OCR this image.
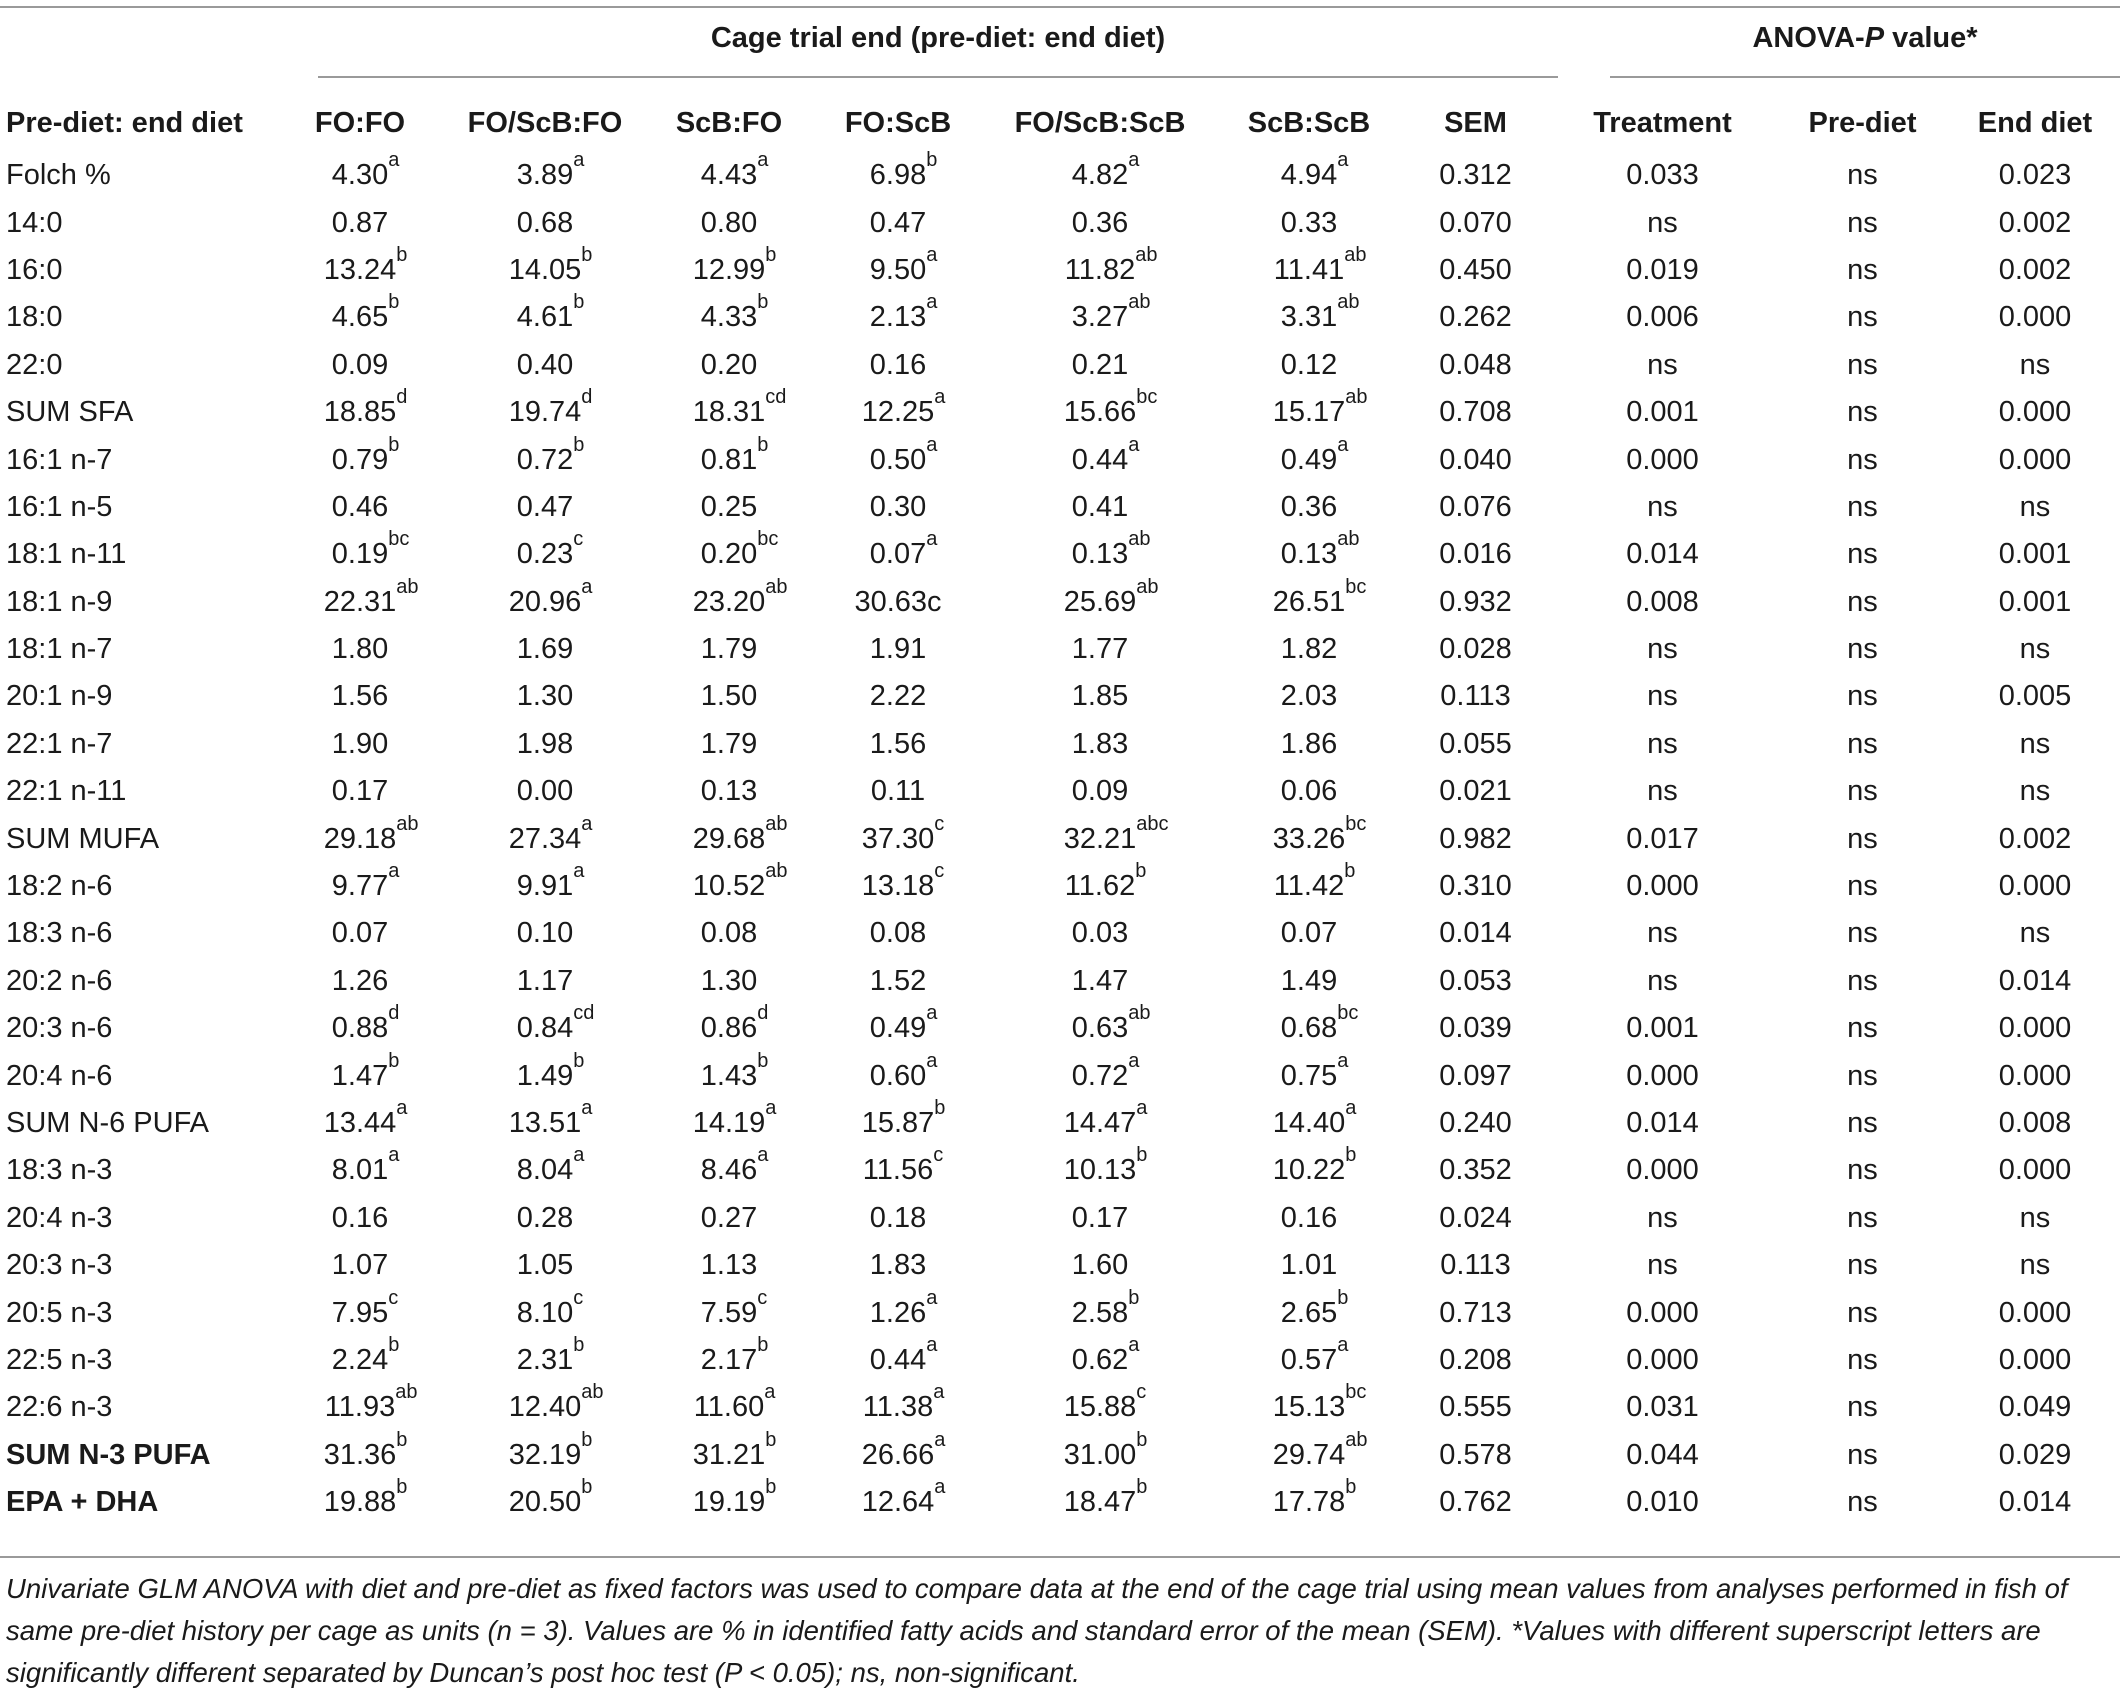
Cage trial end (pre-diet: end diet)	ANOVA-P value*
Pre-diet: end diet	FO:FO	FO/ScB:FO	ScB:FO	FO:ScB	FO/ScB:ScB	ScB:ScB	SEM	Treatment	Pre-diet	End diet
Folch %	4.30 a	3.89 a	4.43 a	6.98 b	4.82 a	4.94 a	0.312	0.033	ns	0.023
14:0	0.87	0.68	0.80	0.47	0.36	0.33	0.070	ns	ns	0.002
16:0	13.24 b	14.05 b	12.99 b	9.50 a	11.82 ab	11.41 ab	0.450	0.019	ns	0.002
18:0	4.65 b	4.61 b	4.33 b	2.13 a	3.27 ab	3.31 ab	0.262	0.006	ns	0.000
22:0	0.09	0.40	0.20	0.16	0.21	0.12	0.048	ns	ns	ns
SUM SFA	18.85 d	19.74 d	18.31 cd	12.25 a	15.66 bc	15.17 ab	0.708	0.001	ns	0.000
16:1 n-7	0.79 b	0.72 b	0.81 b	0.50 a	0.44 a	0.49 a	0.040	0.000	ns	0.000
16:1 n-5	0.46	0.47	0.25	0.30	0.41	0.36	0.076	ns	ns	ns
18:1 n-11	0.19 bc	0.23 c	0.20 bc	0.07 a	0.13 ab	0.13 ab	0.016	0.014	ns	0.001
18:1 n-9	22.31 ab	20.96 a	23.20 ab	30.63c	25.69 ab	26.51 bc	0.932	0.008	ns	0.001
18:1 n-7	1.80	1.69	1.79	1.91	1.77	1.82	0.028	ns	ns	ns
20:1 n-9	1.56	1.30	1.50	2.22	1.85	2.03	0.113	ns	ns	0.005
22:1 n-7	1.90	1.98	1.79	1.56	1.83	1.86	0.055	ns	ns	ns
22:1 n-11	0.17	0.00	0.13	0.11	0.09	0.06	0.021	ns	ns	ns
SUM MUFA	29.18 ab	27.34 a	29.68 ab	37.30 c	32.21 abc	33.26 bc	0.982	0.017	ns	0.002
18:2 n-6	9.77 a	9.91 a	10.52 ab	13.18 c	11.62 b	11.42 b	0.310	0.000	ns	0.000
18:3 n-6	0.07	0.10	0.08	0.08	0.03	0.07	0.014	ns	ns	ns
20:2 n-6	1.26	1.17	1.30	1.52	1.47	1.49	0.053	ns	ns	0.014
20:3 n-6	0.88 d	0.84 cd	0.86 d	0.49 a	0.63 ab	0.68 bc	0.039	0.001	ns	0.000
20:4 n-6	1.47 b	1.49 b	1.43 b	0.60 a	0.72 a	0.75 a	0.097	0.000	ns	0.000
SUM N-6 PUFA	13.44 a	13.51 a	14.19 a	15.87 b	14.47 a	14.40 a	0.240	0.014	ns	0.008
18:3 n-3	8.01 a	8.04 a	8.46 a	11.56 c	10.13 b	10.22 b	0.352	0.000	ns	0.000
20:4 n-3	0.16	0.28	0.27	0.18	0.17	0.16	0.024	ns	ns	ns
20:3 n-3	1.07	1.05	1.13	1.83	1.60	1.01	0.113	ns	ns	ns
20:5 n-3	7.95 c	8.10 c	7.59 c	1.26 a	2.58 b	2.65 b	0.713	0.000	ns	0.000
22:5 n-3	2.24 b	2.31 b	2.17 b	0.44 a	0.62 a	0.57 a	0.208	0.000	ns	0.000
22:6 n-3	11.93 ab	12.40 ab	11.60 a	11.38 a	15.88 c	15.13 bc	0.555	0.031	ns	0.049
SUM N-3 PUFA	31.36 b	32.19 b	31.21 b	26.66 a	31.00 b	29.74 ab	0.578	0.044	ns	0.029
EPA + DHA	19.88 b	20.50 b	19.19 b	12.64 a	18.47 b	17.78 b	0.762	0.010	ns	0.014
Univariate GLM ANOVA with diet and pre-diet as fixed factors was used to compare data at the end of the cage trial using mean values from analyses performed in fish of same pre-diet history per cage as units (n = 3). Values are % in identified fatty acids and standard error of the mean (SEM). *Values with different superscript letters are significantly different separated by Duncan’s post hoc test (P < 0.05); ns, non-significant.
